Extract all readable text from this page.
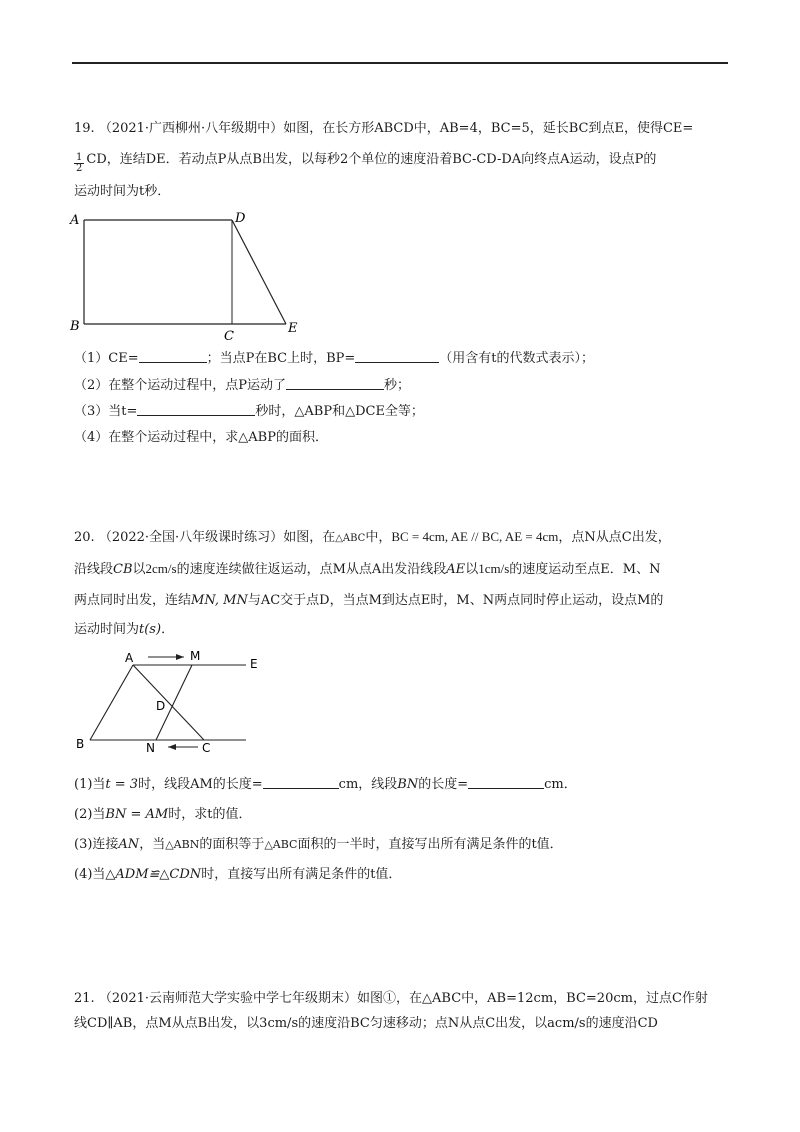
19. （2021·广西柳州·八年级期中）如图，在长方形ABCD中，AB=4，BC=5，延长BC到点E，使得CE=
$\frac{1}{2}$ CD，连结DE．若动点P从点B出发，以每秒2个单位的速度沿着BC-CD-DA向终点A运动，设点P的
运动时间为t秒．
A	D
B
C
E
（1）CE=	；当点P在BC上时，BP=	（用含有t的代数式表示）；
（2）在整个运动过程中，点P运动了	秒；
（3）当t=	秒时，△ABP和△DCE全等；
（4）在整个运动过程中，求△ABP的面积．
20. （2022·全国·八年级课时练习）如图，在△ABC中，BC = 4cm, AE // BC, AE = 4cm，点N从点C出发，
沿线段CB以2cm/s的速度连续做往返运动，点M从点A出发沿线段AE以1cm/s的速度运动至点E．M、N
两点同时出发，连结MN, MN与AC交于点D，当点M到达点E时，M、N两点同时停止运动，设点M的
运动时间为t(s)．
A	M
E
D
B	N	C
(1)当t = 3时，线段AM的长度=	cm，线段BN的长度=	cm．
(2)当BN = AM时，求t的值．
(3)连接AN，当△ABN的面积等于△ABC面积的一半时，直接写出所有满足条件的t值．
(4)当△ADM≌△CDN时，直接写出所有满足条件的t值．
21. （2021·云南师范大学实验中学七年级期末）如图①，在△ABC中，AB=12cm，BC=20cm，过点C作射
线CD∥AB，点M从点B出发，以3cm/s的速度沿BC匀速移动；点N从点C出发，以acm/s的速度沿CD
